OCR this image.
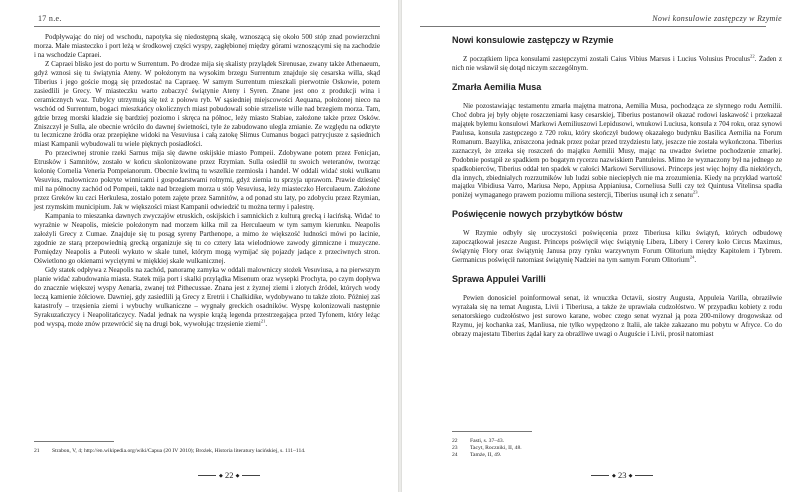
17 n.e.

Podpływając do niej od wschodu, napotyka się niedostępną skałę, wznoszącą się około 500 stóp znad powierzchni morza. Małe miasteczko i port leżą w środkowej części wyspy, zagłębionej między górami wznoszącymi się na zachodzie i na wschodzie Capraei.

Z Capraei blisko jest do portu w Surrentum. Po drodze mija się skalisty przylądek Sirenusae, zwany także Athenaeum, gdyż wznosi się tu świątynia Ateny. W położonym na wysokim brzegu Surrentum znajduje się cesarska willa, skąd Tiberius i jego goście mogą się przedostać na Capraeę. W samym Surrentum mieszkali pierwotnie Oskowie, potem zasiedlili je Grecy. W miasteczku warto zobaczyć świątynie Ateny i Syren. Znane jest ono z produkcji wina i ceramicznych waz. Tubylcy utrzymują się też z połowu ryb. W sąsiedniej miejscowości Aequana, położonej nieco na wschód od Surrentum, bogaci mieszkańcy okolicznych miast pobudowali sobie strzeliste wille nad brzegiem morza. Tam, gdzie brzeg morski kładzie się bardziej poziomo i skręca na północ, leży miasto Stabiae, założone także przez Osków. Zniszczył je Sulla, ale obecnie wróciło do dawnej świetności, tyle że zabudowano ulegla zmianie. Ze względu na odkryte tu leczniczne źródła oraz przepiękne widoki na Vesuviusa i całą zatokę Słimus Cumanus bogaci patrycjusze z sąsiednich miast Kampanii wybudowali tu wiele pięknych posiadłości.

Po przeciwnej stronie rzeki Sarnus mija się dawne oskijskie miasto Pompeii. Zdobywane potem przez Fenicjan, Etrusków i Samnitów, zostało w końcu skolonizowane przez Rzymian. Sulla osiedlił tu swoich weteranów, tworząc kolonię Cornelia Veneria Pompeianorum. Obecnie kwitną tu wszelkie rzemiosła i handel. W oddali widać stoki wulkanu Vesuvius, malowniczo pokryte winnicami i gospodarstwami rolnymi, gdyż ziemia tu sprzyja uprawom. Prawie dziesięć mil na północny zachód od Pompeii, także nad brzegiem morza u stóp Vesuviusa, leży miasteczko Herculaeum. Założone przez Greków ku czci Herkulesa, zostało potem zajęte przez Samnitów, a od ponad stu laty, po zdobyciu przez Rzymian, jest rzymskim municipium. Jak w większości miast Kampanii odwiedzić tu można termy i palestrę.

Kampania to mieszanka dawnych zwyczajów etruskich, oskijskich i samnickich z kulturą grecką i łacińską. Widać to wyraźnie w Neapolis, mieście położonym nad morzem kilka mil za Herculaeum w tym samym kierunku. Neapolis założyli Grecy z Cumae. Znajduje się tu posąg syreny Parthenope, a mimo że większość ludności mówi po łacinie, zgodnie ze starą przepowiednią grecką organizuje się tu co cztery lata wielodniowe zawody gimniczne i muzyczne. Pomiędzy Neapolis a Puteoli wykuto w skale tunel, którym mogą wymijać się pojazdy jadące z przeciwnych stron. Oświetlono go okienami wyciętymi w miękkiej skale wulkanicznej.

Gdy statek odpływa z Neapolis na zachód, panoramę zamyka w oddali malowniczy stożek Vesuviusa, a na pierwszym planie widać zabudowania miasta. Statek mija port i skalki przylądka Misenum oraz wysepki Prochyta, po czym dopływa do znacznie większej wyspy Aenaria, zwanej też Pithecussae. Znana jest z żyznej ziemi i złotych źródeł, których wody leczą kamienie żółciowe. Dawniej, gdy zasiedlili ją Grecy z Eretrii i Chalkidike, wydobywano tu także złoto. Później zaś katastrofy – trzęsienia ziemi i wybuchy wulkaniczne – wygnały greckich osadników. Wyspę kolonizowali następnie Syrakuzańczycy i Neapolitańczycy. Nadal jednak na wyspie krążą legenda przestrzegająca przed Tyfonem, który leżąc pod wyspą, może znów przewrócić się na drugi bok, wywołując trzęsienie ziemi$^{21}$.

21	Strabon, V, 4; http://en.wikipedia.org/wiki/Capua (20 IV 2010); Brożek, Historia literatury łacińskiej, s. 111–114.
◆ 22 ◆
Nowi konsulowie zastępczy w Rzymie
Nowi konsulowie zastępczy w Rzymie

Z początkiem lipca konsulami zastępczymi zostali Caius Vibius Marsus i Lucius Volusius Proculus$^{22}$. Żaden z nich nie wsławił się dotąd niczym szczególnym.

Zmarła Aemilia Musa

Nie pozostawiając testamentu zmarła majętna matrona, Aemilia Musa, pochodząca ze slynnego rodu Aemilii. Choć dobra jej były objęte roszczeniami kasy cesarskiej, Tiberius postanowił okazać rodowi łaskawość i przekazał majątek bylemu konsulowi Markowi Aemiliuszowi Lepidusowi, wnukowi Luciusa, konsula z 704 roku, oraz synowi Paulusa, konsula zastępczego z 720 roku, który skończył budowę okazałego budynku Basilica Aemilia na Forum Romanum. Bazylika, zniszczona jednak przez pożar przed trzydziestu laty, jeszcze nie została wykończona. Tiberius zaznaczył, że zrzeka się roszczeń do majątku Aemilii Musy, mając na uwadze świetne pochodzenie zmarłej. Podobnie postąpił ze spadkiem po bogatym rycerzu nazwiskiem Pantuleius. Mimo że wyznaczony był na jednego ze spadkobierców, Tiberius oddał ten spadek w całości Markowi Serviliusowi. Princeps jest więc hojny dla niektórych, dla innych, zbiednialych rozrzutników lub ludzi sobie nieciepłych nie ma zrozumienia. Kiedy na przykład wartość majątku Vibidiusa Varro, Mariusa Nepo, Appiusa Appianiusa, Corneliusa Sulli czy też Quintusa Vitelinsa spadła poniżej wymaganego prawem poziomu miliona sestercji, Tiberius usunął ich z senatu$^{23}$.

Poświęcenie nowych przybytków bóstw

W Rzymie odbyły się uroczystości poświęcenia przez Tiberiusa kilku świątyń, których odbudowę zapoczątkował jeszcze August. Princeps poświęcił więc świątynię Libera, Libery i Cerery koło Circus Maximus, świątynię Flory oraz świątynię Janusa przy rynku warzywnym Forum Olitorium między Kapitolem i Tybrem. Germanicus poświęcił natomiast świątynię Nadziei na tym samym Forum Olitorium$^{24}$.

Sprawa Appulei Varilli

Pewien donosiciel poinformował senat, iż wnuczka Octavii, siostry Augusta, Appuleia Varilla, obraziłwie wyrażała się na temat Augusta, Livii i Tiberiusa, a także że uprawiała cudzołóstwo. W przypadku kobiety z rodu senatorskiego cudzołóstwo jest surowo karane, wobec czego senat wyznał ją poza 200-milowy drogowskaz od Rzymu, jej kochanka zaś, Manliusa, nie tylko wypędzono z Italii, ale także zakazano mu pobytu w Afryce. Co do obrazy majestatu Tiberius żądał kary za obraźliwe uwagi o Auguście i Livii, prosił natomiast

22	Fasti, s. 37–43.
23	Tacyt, Roczniki, II, 48.
24	Tamże, II, 49.
◆ 23 ◆
